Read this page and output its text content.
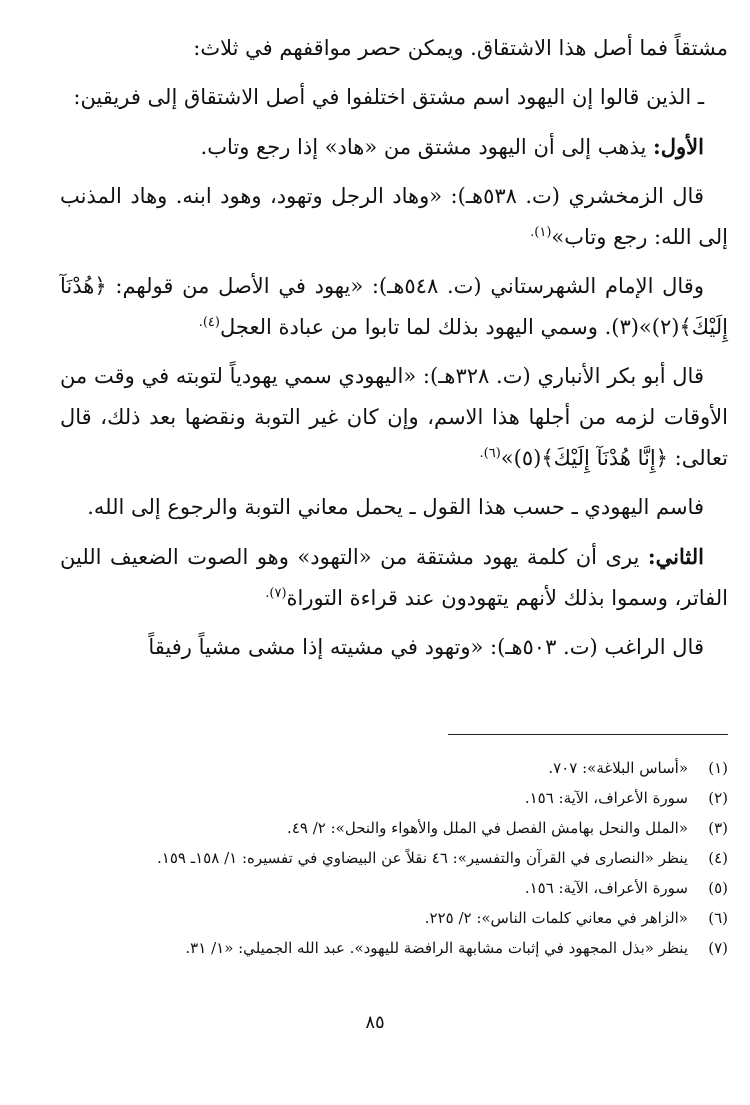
مشتقاً فما أصل هذا الاشتقاق. ويمكن حصر مواقفهم في ثلاث:

ـ الذين قالوا إن اليهود اسم مشتق اختلفوا في أصل الاشتقاق إلى فريقين:

الأول: يذهب إلى أن اليهود مشتق من «هاد» إذا رجع وتاب.

قال الزمخشري (ت. ٥٣٨هـ): «وهاد الرجل وتهود، وهود ابنه. وهاد المذنب إلى الله: رجع وتاب»$^{(١).}$

وقال الإمام الشهرستاني (ت. ٥٤٨هـ): «يهود في الأصل من قولهم: ﴿هُدْنَآ إِلَيْكَ﴾(٢)»(٣). وسمي اليهود بذلك لما تابوا من عبادة العجل$^{(٤).}$

قال أبو بكر الأنباري (ت. ٣٢٨هـ): «اليهودي سمي يهودياً لتوبته في وقت من الأوقات لزمه من أجلها هذا الاسم، وإن كان غير التوبة ونقضها بعد ذلك، قال تعالى: ﴿إِنَّا هُدْنَآ إِلَيْكَ﴾(٥)»$^{(٦).}$

فاسم اليهودي ـ حسب هذا القول ـ يحمل معاني التوبة والرجوع إلى الله.

الثاني: يرى أن كلمة يهود مشتقة من «التهود» وهو الصوت الضعيف اللين الفاتر، وسموا بذلك لأنهم يتهودون عند قراءة التوراة$^{(٧).}$

قال الراغب (ت. ٥٠٣هـ): «وتهود في مشيته إذا مشى مشياً رفيقاً

(١)
«أساس البلاغة»: ٧٠٧.
(٢)
سورة الأعراف، الآية: ١٥٦.
(٣)
«الملل والنحل بهامش الفصل في الملل والأهواء والنحل»: ٢/ ٤٩.
(٤)
ينظر «النصارى في القرآن والتفسير»: ٤٦ نقلاً عن البيضاوي في تفسيره: ١/ ١٥٨ـ ١٥٩.
(٥)
سورة الأعراف، الآية: ١٥٦.
(٦)
«الزاهر في معاني كلمات الناس»: ٢/ ٢٢٥.
(٧)
ينظر «بذل المجهود في إثبات مشابهة الرافضة لليهود». عبد الله الجميلي: «١/ ٣١.
٨٥
